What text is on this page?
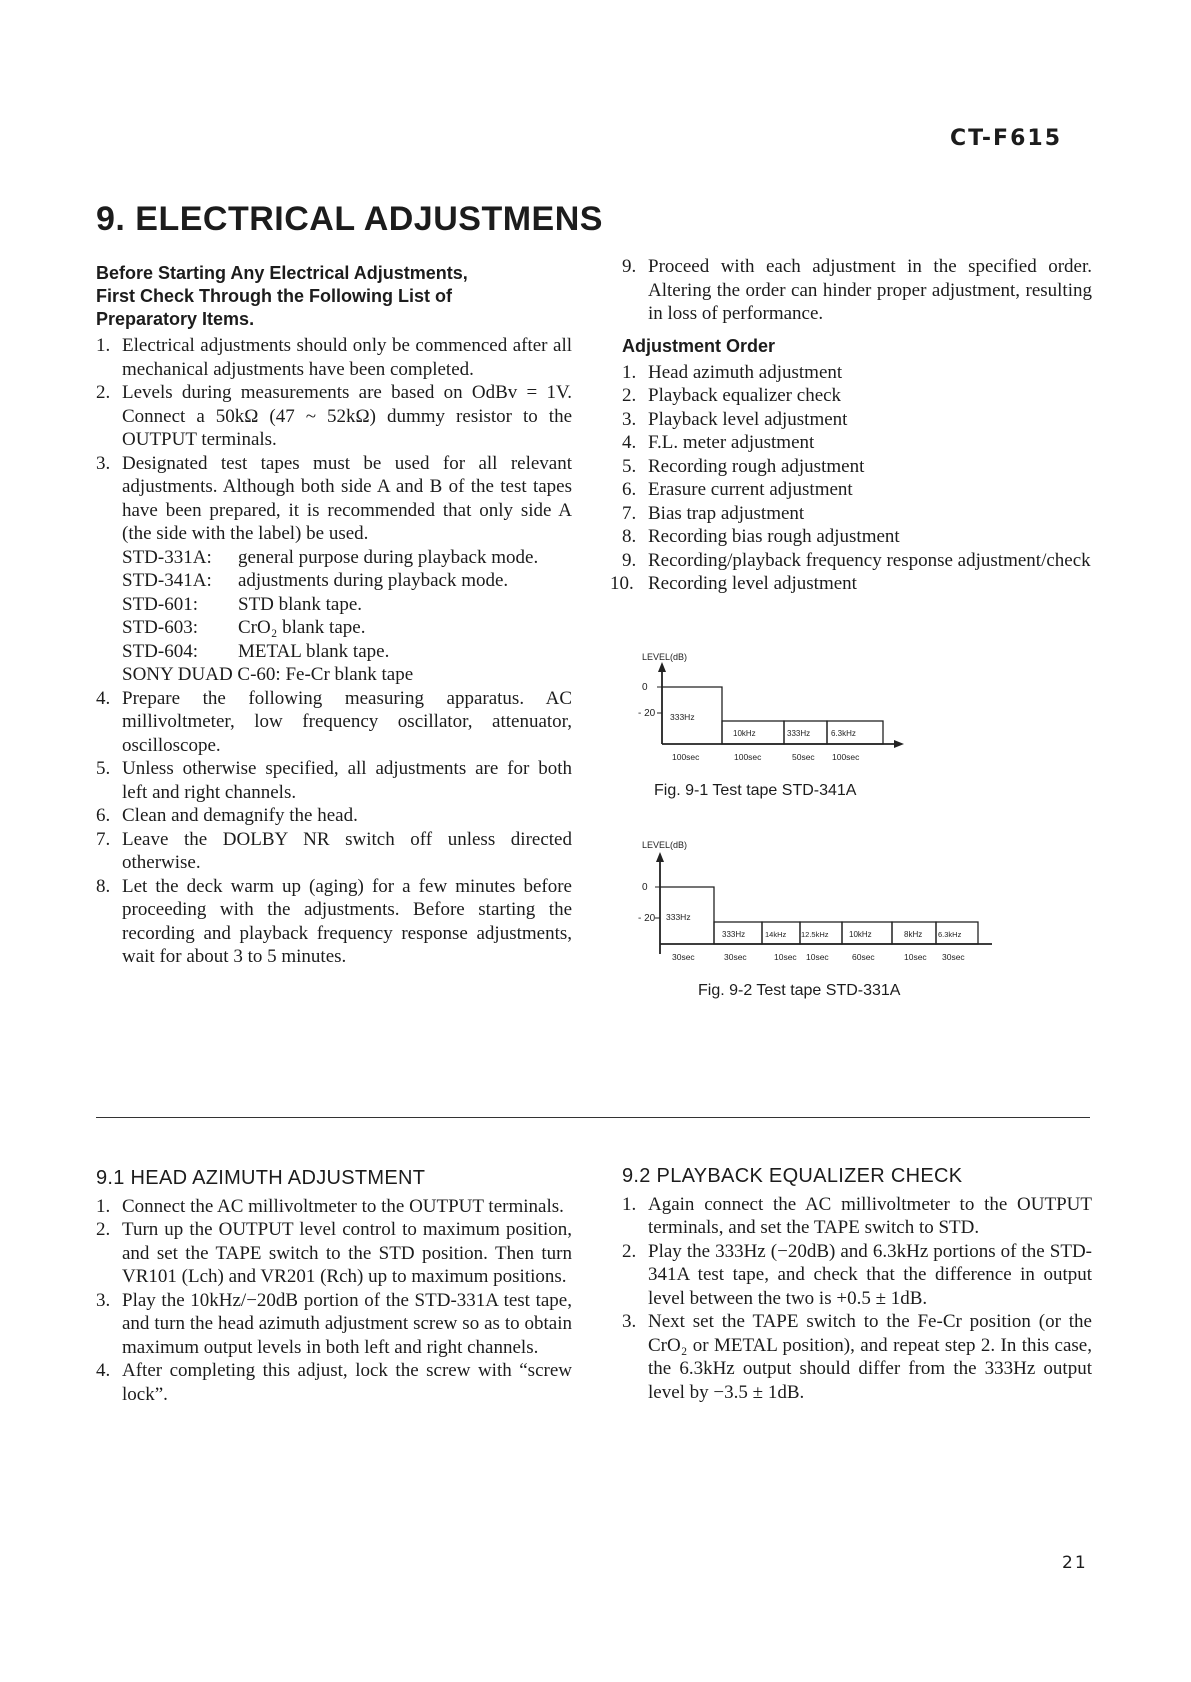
CT-F615
9. ELECTRICAL ADJUSTMENS
Before Starting Any Electrical Adjustments,
First Check Through the Following List of
Preparatory Items.
1. Electrical adjustments should only be commenced after all mechanical adjustments have been completed.
2. Levels during measurements are based on OdBv = 1V. Connect a 50kΩ (47 ~ 52kΩ) dummy resistor to the OUTPUT terminals.
3. Designated test tapes must be used for all relevant adjustments. Although both side A and B of the test tapes have been prepared, it is recommended that only side A (the side with the label) be used.
STD-331A:	general purpose during playback mode.
STD-341A:	adjustments during playback mode.
STD-601:	STD blank tape.
STD-603:	CrO₂ blank tape.
STD-604:	METAL blank tape.
SONY DUAD C-60: Fe-Cr blank tape
4. Prepare the following measuring apparatus. AC millivoltmeter, low frequency oscillator, attenuator, oscilloscope.
5. Unless otherwise specified, all adjustments are for both left and right channels.
6. Clean and demagnify the head.
7. Leave the DOLBY NR switch off unless directed otherwise.
8. Let the deck warm up (aging) for a few minutes before proceeding with the adjustments. Before starting the recording and playback frequency response adjustments, wait for about 3 to 5 minutes.
9. Proceed with each adjustment in the specified order. Altering the order can hinder proper adjustment, resulting in loss of performance.
Adjustment Order
1. Head azimuth adjustment
2. Playback equalizer check
3. Playback level adjustment
4. F.L. meter adjustment
5. Recording rough adjustment
6. Erasure current adjustment
7. Bias trap adjustment
8. Recording bias rough adjustment
9. Recording/playback frequency response adjustment/check
10. Recording level adjustment
LEVEL(dB)
0
- 20 333Hz
10kHz	333Hz	6.3kHz
100sec	100sec	50sec 100sec
Fig. 9-1 Test tape STD-341A
LEVEL(dB)
0
- 20 333Hz
333Hz	14kHz 12.5kHz	10kHz	8kHz 6.3kHz
30sec	30sec	10sec 10sec	60sec	10sec 30sec
Fig. 9-2 Test tape STD-331A
9.1 HEAD AZIMUTH ADJUSTMENT
1. Connect the AC millivoltmeter to the OUTPUT terminals.
2. Turn up the OUTPUT level control to maximum position, and set the TAPE switch to the STD position. Then turn VR101 (Lch) and VR201 (Rch) up to maximum positions.
3. Play the 10kHz/−20dB portion of the STD-331A test tape, and turn the head azimuth adjustment screw so as to obtain maximum output levels in both left and right channels.
4. After completing this adjust, lock the screw with “screw lock”.
9.2 PLAYBACK EQUALIZER CHECK
1. Again connect the AC millivoltmeter to the OUTPUT terminals, and set the TAPE switch to STD.
2. Play the 333Hz (−20dB) and 6.3kHz portions of the STD-341A test tape, and check that the difference in output level between the two is +0.5 ± 1dB.
3. Next set the TAPE switch to the Fe-Cr position (or the CrO₂ or METAL position), and repeat step 2. In this case, the 6.3kHz output should differ from the 333Hz output level by −3.5 ± 1dB.
21
